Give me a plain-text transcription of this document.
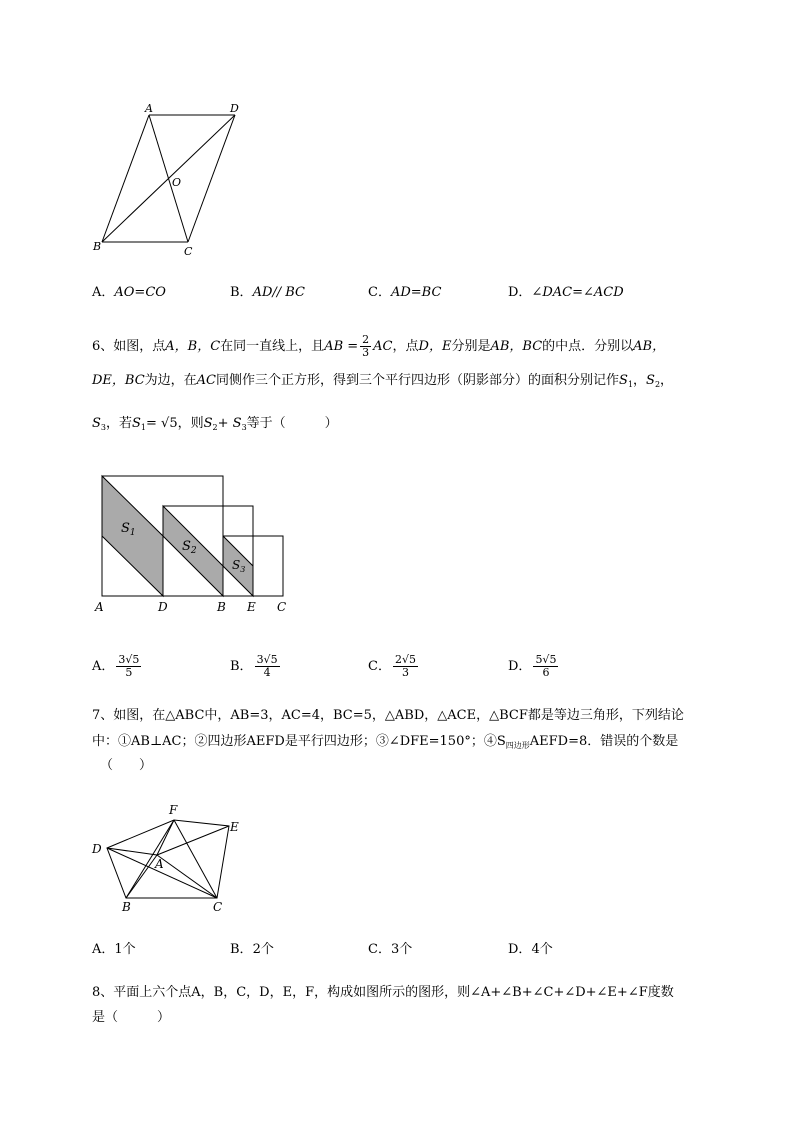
A	D
O
B	C
A．AO=CO	B．AD// BC	C．AD=BC	D．∠DAC=∠ACD
6、如图，点A，B，C在同一直线上，且AB = $\frac{2}{3}$ AC，点D，E分别是AB，BC的中点．分别以AB，
DE，BC为边，在AC同侧作三个正方形，得到三个平行四边形（阴影部分）的面积分别记作$S_1$，$S_2$，
$S_3$，若$S_1= √5$，则$S_2+ S_3$等于（　　　）
$S_1$
$S_2$
$S_3$
A	D	B E C
A． $\frac{3√5}{5}$	B． $\frac{3√5}{4}$	C． $\frac{2√5}{3}$	D． $\frac{5√5}{6}$
7、如图，在△ABC中，AB=3，AC=4，BC=5，△ABD，△ACE，△BCF都是等边三角形，下列结论
中：①AB⊥AC；②四边形AEFD是平行四边形；③∠DFE=150°；$④S_{四边形}AEFD=8$．错误的个数是
（　　）
F
E
D
A
B	C
A．1个	B．2个	C．3个	D．4个
8、平面上六个点A，B，C，D，E，F，构成如图所示的图形，则∠A+∠B+∠C+∠D+∠E+∠F度数
是（　　　）
